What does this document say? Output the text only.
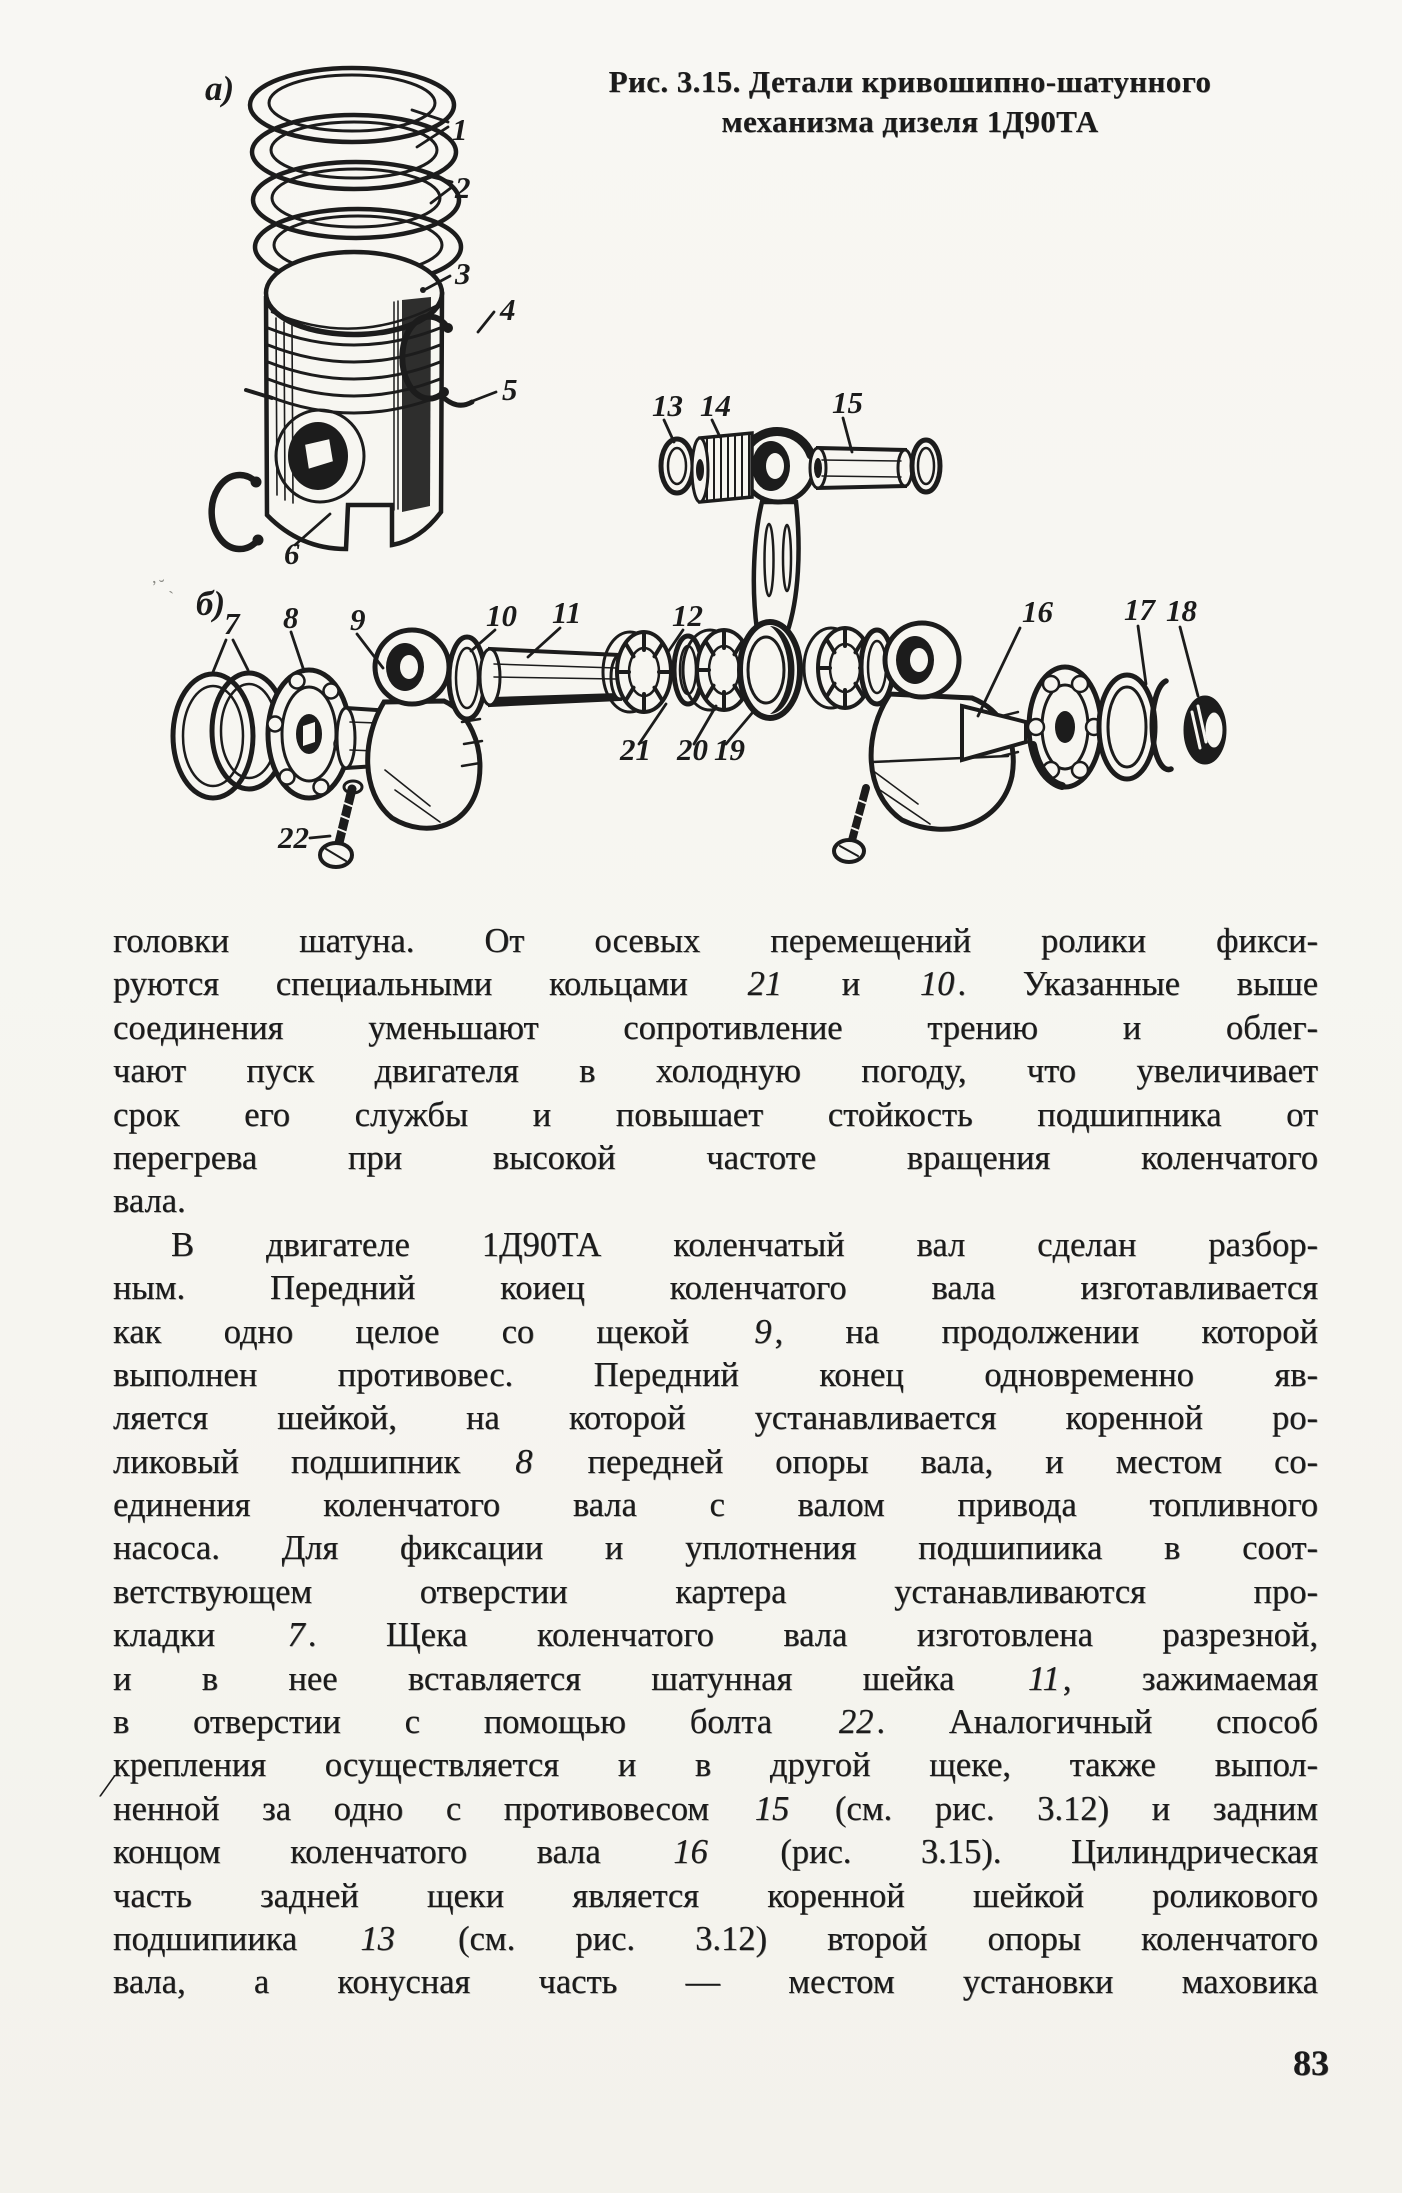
а)
б)
1
2
3
4
5
6
7 8 9	10 11	12
13 14	15
16 17 18
19
20
21
22
Рис. 3.15. Детали кривошипно-шатунного
механизма дизеля 1Д90ТА
головки шатуна. От осевых перемещений ролики фикси-
руются специальными кольцами 21 и 10. Указанные выше
соединения уменьшают сопротивление трению и облег-
чают пуск двигателя в холодную погоду, что увеличивает
срок его службы и повышает стойкость подшипника от
перегрева при высокой частоте вращения коленчатого
вала.
В двигателе 1Д90ТА коленчатый вал сделан разбор-
ным. Передний коиец коленчатого вала изготавливается
как одно целое со щекой 9, на продолжении которой
выполнен противовес. Передний конец одновременно яв-
ляется шейкой, на которой устанавливается коренной ро-
ликовый подшипник 8 передней опоры вала, и местом со-
единения коленчатого вала с валом привода топливного
насоса. Для фиксации и уплотнения подшипиика в соот-
ветствующем отверстии картера устанавливаются про-
кладки 7. Щека коленчатого вала изготовлена разрезной,
и в нее вставляется шатунная шейка 11, зажимаемая
в отверстии с помощью болта 22. Аналогичный способ
крепления осуществляется и в другой щеке, также выпол-
ненной за одно с противовесом 15 (см. рис. 3.12) и задним
концом коленчатого вала 16 (рис. 3.15). Цилиндрическая
часть задней щеки является коренной шейкой роликового
подшипиика 13 (см. рис. 3.12) второй опоры коленчатого
вала, а конусная часть — местом установки маховика
/
ʼ˘ˎ
83
